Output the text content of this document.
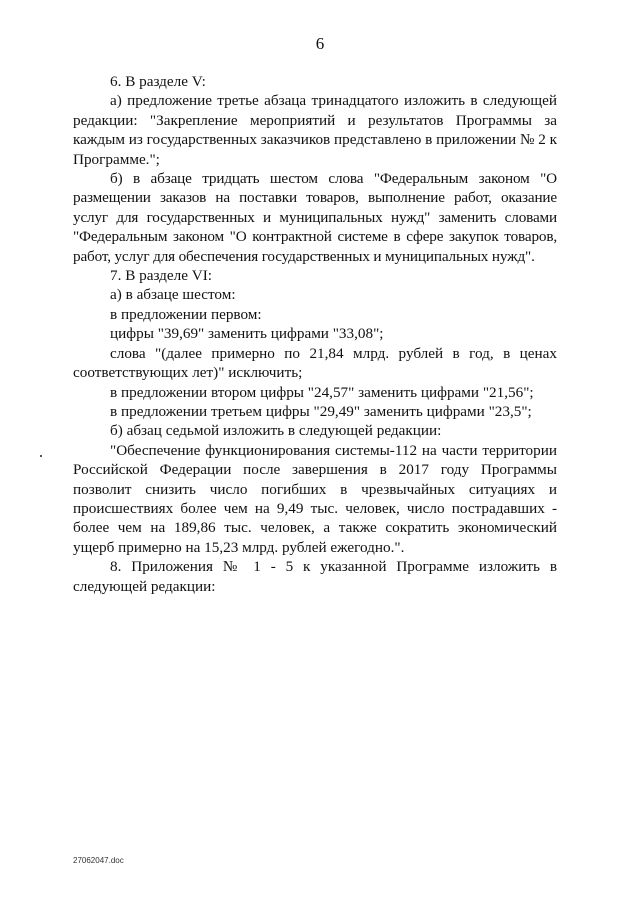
6

6. В разделе V:

а) предложение третье абзаца тринадцатого изложить в следующей редакции: "Закрепление мероприятий и результатов Программы за каждым из государственных заказчиков представлено в приложении № 2 к Программе.";

б) в абзаце тридцать шестом слова "Федеральным законом "О размещении заказов на поставки товаров, выполнение работ, оказание услуг для государственных и муниципальных нужд" заменить словами "Федеральным законом "О контрактной системе в сфере закупок товаров, работ, услуг для обеспечения государственных и муниципальных нужд".

7. В разделе VI:

а) в абзаце шестом:

в предложении первом:

цифры "39,69" заменить цифрами "33,08";

слова "(далее примерно по 21,84 млрд. рублей в год, в ценах соответствующих лет)" исключить;

в предложении втором цифры "24,57" заменить цифрами "21,56";

в предложении третьем цифры "29,49" заменить цифрами "23,5";

б) абзац седьмой изложить в следующей редакции:

"Обеспечение функционирования системы-112 на части территории Российской Федерации после завершения в 2017 году Программы позволит снизить число погибших в чрезвычайных ситуациях и происшествиях более чем на 9,49 тыс. человек, число пострадавших - более чем на 189,86 тыс. человек, а также сократить экономический ущерб примерно на 15,23 млрд. рублей ежегодно.".

8. Приложения № 1 - 5 к указанной Программе изложить в следующей редакции:

27062047.doc
